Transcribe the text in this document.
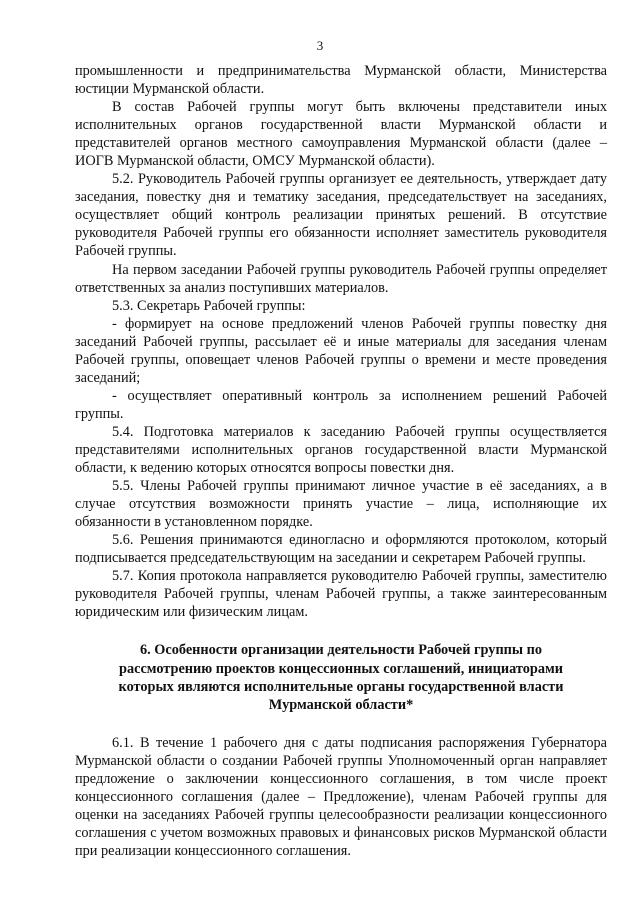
3

промышленности и предпринимательства Мурманской области, Министерства юстиции Мурманской области.

В состав Рабочей группы могут быть включены представители иных исполнительных органов государственной власти Мурманской области и представителей органов местного самоуправления Мурманской области (далее – ИОГВ Мурманской области, ОМСУ Мурманской области).

5.2. Руководитель Рабочей группы организует ее деятельность, утверждает дату заседания, повестку дня и тематику заседания, председательствует на заседаниях, осуществляет общий контроль реализации принятых решений. В отсутствие руководителя Рабочей группы его обязанности исполняет заместитель руководителя Рабочей группы.

На первом заседании Рабочей группы руководитель Рабочей группы определяет ответственных за анализ поступивших материалов.

5.3. Секретарь Рабочей группы:

- формирует на основе предложений членов Рабочей группы повестку дня заседаний Рабочей группы, рассылает её и иные материалы для заседания членам Рабочей группы, оповещает членов Рабочей группы о времени и месте проведения заседаний;

- осуществляет оперативный контроль за исполнением решений Рабочей группы.

5.4. Подготовка материалов к заседанию Рабочей группы осуществляется представителями исполнительных органов государственной власти Мурманской области, к ведению которых относятся вопросы повестки дня.

5.5. Члены Рабочей группы принимают личное участие в её заседаниях, а в случае отсутствия возможности принять участие – лица, исполняющие их обязанности в установленном порядке.

5.6. Решения принимаются единогласно и оформляются протоколом, который подписывается председательствующим на заседании и секретарем Рабочей группы.

5.7. Копия протокола направляется руководителю Рабочей группы, заместителю руководителя Рабочей группы, членам Рабочей группы, а также заинтересованным юридическим или физическим лицам.

6. Особенности организации деятельности Рабочей группы по
рассмотрению проектов концессионных соглашений, инициаторами
которых являются исполнительные органы государственной власти
Мурманской области*

6.1. В течение 1 рабочего дня с даты подписания распоряжения Губернатора Мурманской области о создании Рабочей группы Уполномоченный орган направляет предложение о заключении концессионного соглашения, в том числе проект концессионного соглашения (далее – Предложение), членам Рабочей группы для оценки на заседаниях Рабочей группы целесообразности реализации концессионного соглашения с учетом возможных правовых и финансовых рисков Мурманской области при реализации концессионного соглашения.
